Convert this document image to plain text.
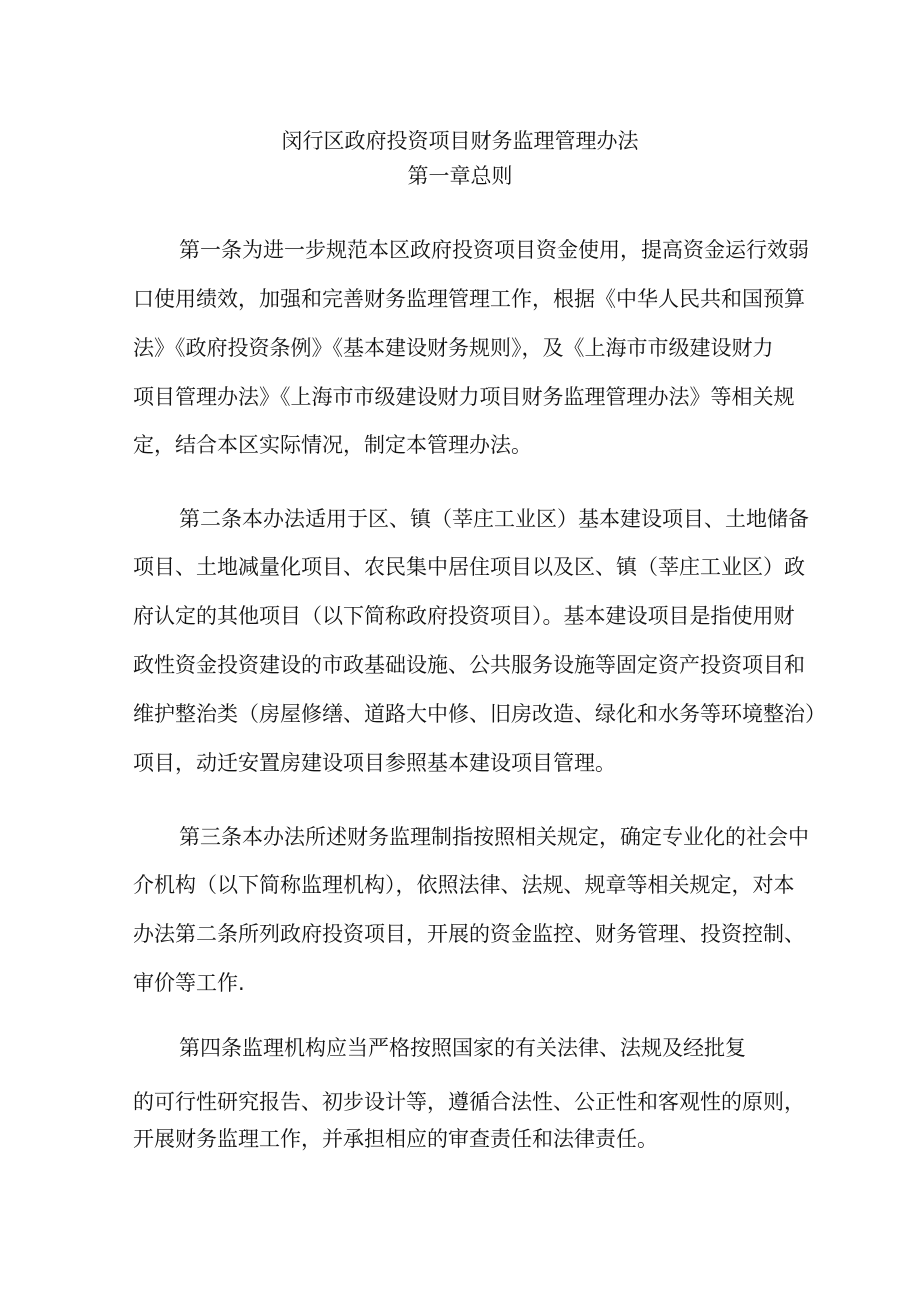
闵行区政府投资项目财务监理管理办法
第一章总则
第一条为进一步规范本区政府投资项目资金使用，提高资金运行效弱
口使用绩效，加强和完善财务监理管理工作，根据《中华人民共和国预算
法》《政府投资条例》《基本建设财务规则》，及《上海市市级建设财力
项目管理办法》《上海市市级建设财力项目财务监理管理办法》等相关规
定，结合本区实际情况，制定本管理办法。
第二条本办法适用于区、镇（莘庄工业区）基本建设项目、土地储备
项目、土地减量化项目、农民集中居住项目以及区、镇（莘庄工业区）政
府认定的其他项目（以下简称政府投资项目）。基本建设项目是指使用财
政性资金投资建设的市政基础设施、公共服务设施等固定资产投资项目和
维护整治类（房屋修缮、道路大中修、旧房改造、绿化和水务等环境整治）
项目，动迁安置房建设项目参照基本建设项目管理。
第三条本办法所述财务监理制指按照相关规定，确定专业化的社会中
介机构（以下简称监理机构），依照法律、法规、规章等相关规定，对本
办法第二条所列政府投资项目，开展的资金监控、财务管理、投资控制、
审价等工作.
第四条监理机构应当严格按照国家的有关法律、法规及经批复
的可行性研究报告、初步设计等，遵循合法性、公正性和客观性的原则，
开展财务监理工作，并承担相应的审查责任和法律责任。
